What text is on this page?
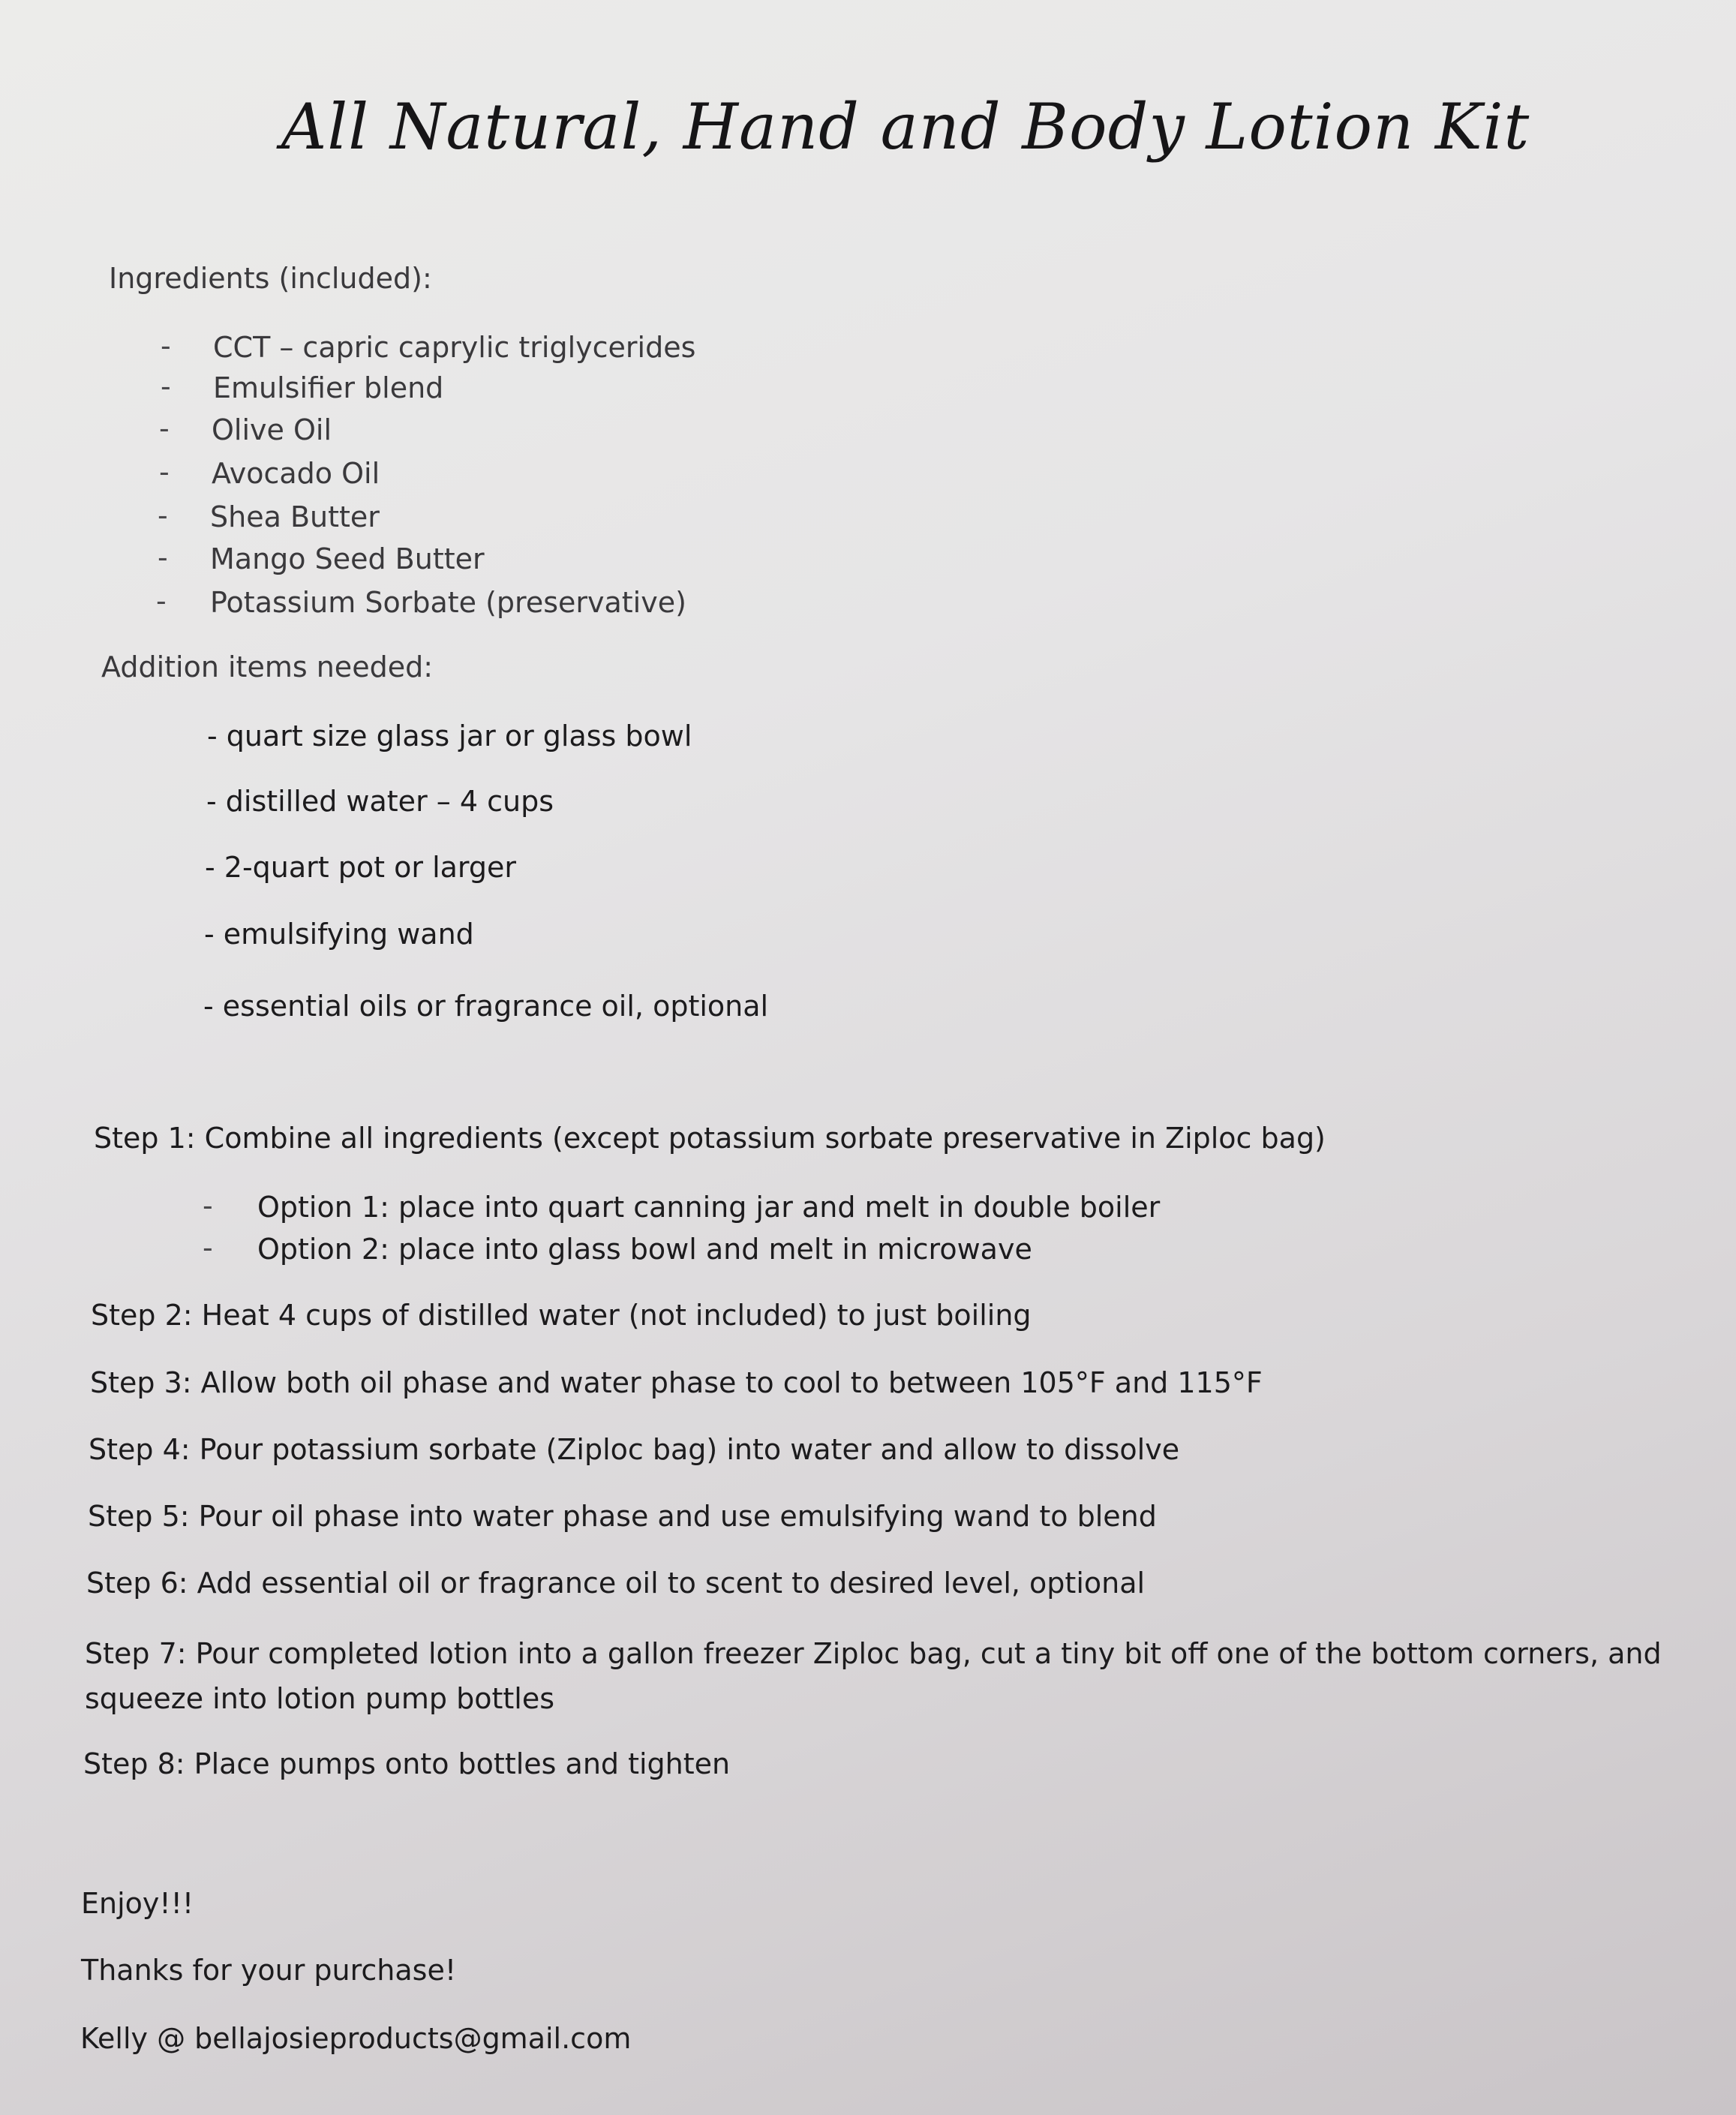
All Natural, Hand and Body Lotion Kit
Ingredients (included):
- CCT – capric caprylic triglycerides
- Emulsifier blend
- Olive Oil
- Avocado Oil
- Shea Butter
- Mango Seed Butter
- Potassium Sorbate (preservative)
Addition items needed:
- quart size glass jar or glass bowl
- distilled water – 4 cups
- 2-quart pot or larger
- emulsifying wand
- essential oils or fragrance oil, optional
Step 1: Combine all ingredients (except potassium sorbate preservative in Ziploc bag)
- Option 1: place into quart canning jar and melt in double boiler
- Option 2: place into glass bowl and melt in microwave
Step 2: Heat 4 cups of distilled water (not included) to just boiling
Step 3: Allow both oil phase and water phase to cool to between 105°F and 115°F
Step 4: Pour potassium sorbate (Ziploc bag) into water and allow to dissolve
Step 5: Pour oil phase into water phase and use emulsifying wand to blend
Step 6: Add essential oil or fragrance oil to scent to desired level, optional
Step 7: Pour completed lotion into a gallon freezer Ziploc bag, cut a tiny bit off one of the bottom corners, and squeeze into lotion pump bottles
Step 8: Place pumps onto bottles and tighten
Enjoy!!!
Thanks for your purchase!
Kelly @ bellajosieproducts@gmail.com
